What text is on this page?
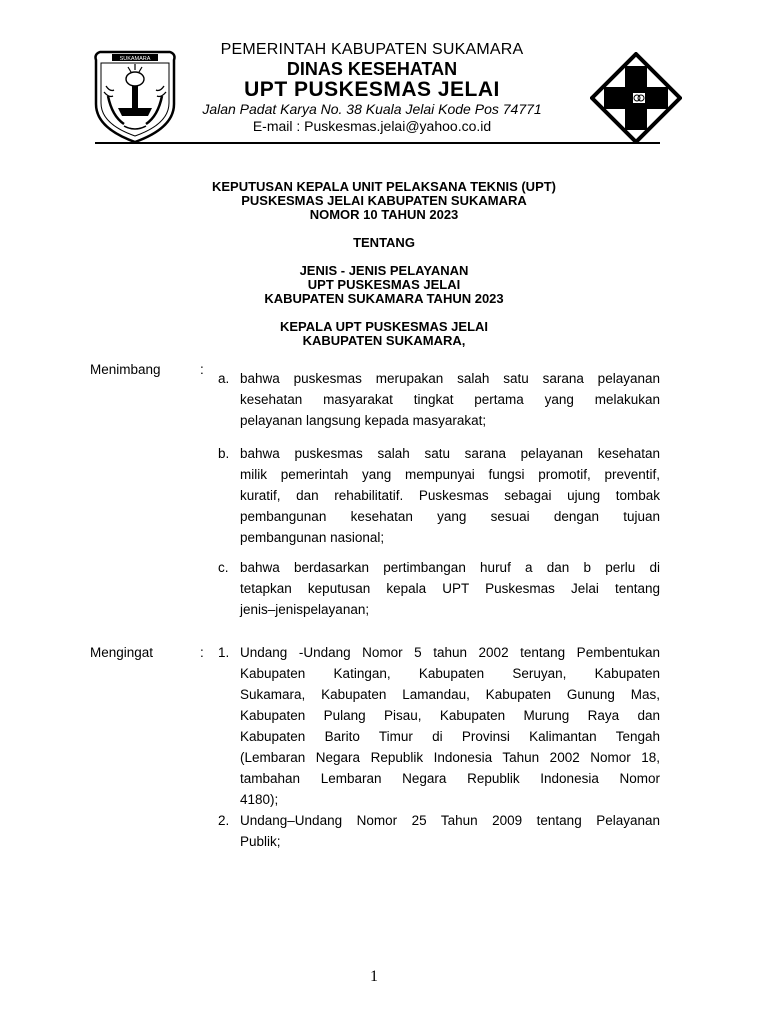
SUKAMARA
PEMERINTAH KABUPATEN SUKAMARA
DINAS KESEHATAN
UPT PUSKESMAS JELAI
Jalan Padat Karya No. 38 Kuala Jelai Kode Pos 74771
E-mail : Puskesmas.jelai@yahoo.co.id
KEPUTUSAN KEPALA UNIT PELAKSANA TEKNIS (UPT)
PUSKESMAS JELAI KABUPATEN SUKAMARA
NOMOR 10 TAHUN 2023
TENTANG
JENIS - JENIS PELAYANAN
UPT PUSKESMAS JELAI
KABUPATEN SUKAMARA TAHUN 2023
KEPALA UPT PUSKESMAS JELAI
KABUPATEN SUKAMARA,
Menimbang	:
a. bahwa puskesmas merupakan salah satu sarana pelayanan
kesehatan masyarakat tingkat pertama yang melakukan
pelayanan langsung kepada masyarakat;
b. bahwa puskesmas salah satu sarana pelayanan kesehatan
milik pemerintah yang mempunyai fungsi promotif, preventif,
kuratif, dan rehabilitatif. Puskesmas sebagai ujung tombak
pembangunan kesehatan yang sesuai dengan tujuan
pembangunan nasional;
c. bahwa berdasarkan pertimbangan huruf a dan b perlu di
tetapkan keputusan kepala UPT Puskesmas Jelai tentang
jenis–jenispelayanan;
Mengingat	: 1. Undang -Undang Nomor 5 tahun 2002 tentang Pembentukan
Kabupaten Katingan, Kabupaten Seruyan, Kabupaten
Sukamara, Kabupaten Lamandau, Kabupaten Gunung Mas,
Kabupaten Pulang Pisau, Kabupaten Murung Raya dan
Kabupaten Barito Timur di Provinsi Kalimantan Tengah
(Lembaran Negara Republik Indonesia Tahun 2002 Nomor 18,
tambahan Lembaran Negara Republik Indonesia Nomor
4180);
2. Undang–Undang Nomor 25 Tahun 2009 tentang Pelayanan
Publik;
1
